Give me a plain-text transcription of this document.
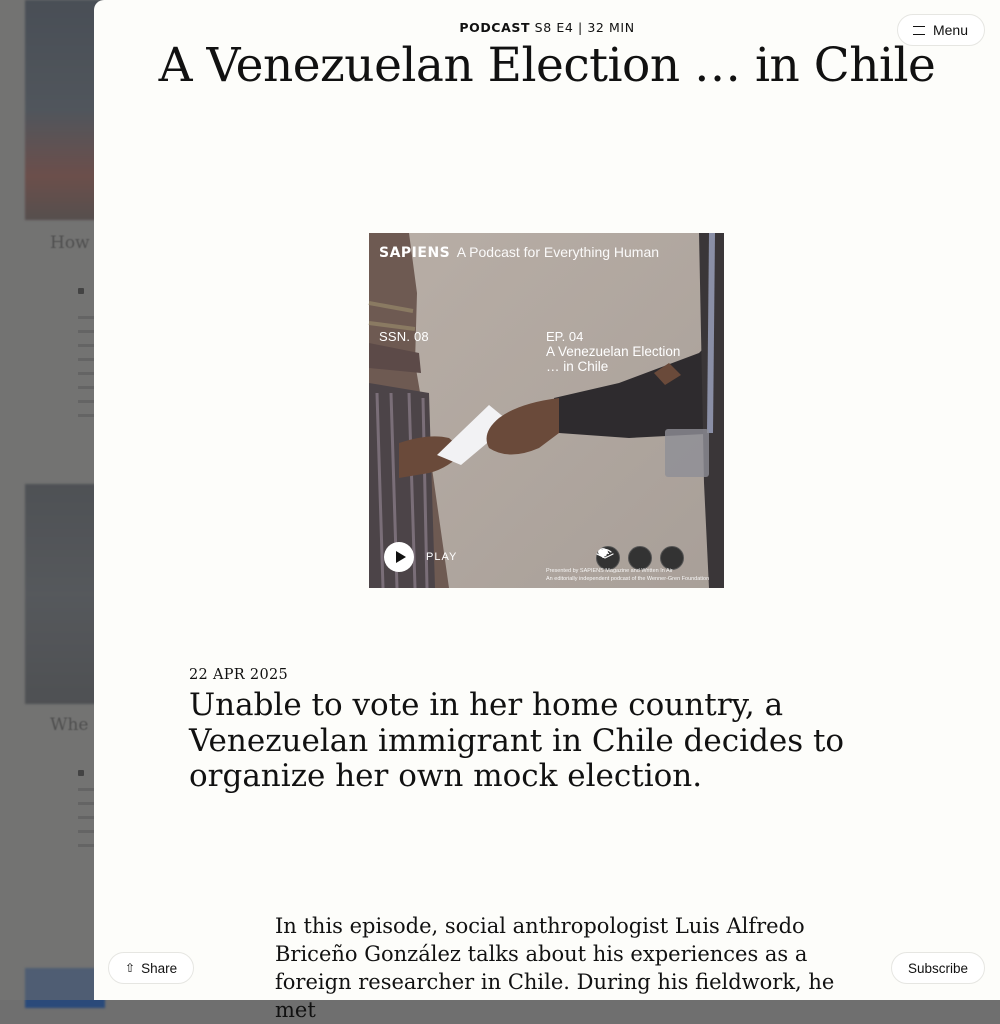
PODCAST S8 E4 | 32 MIN	Menu
A Venezuelan Election … in Chile
SAPIENS A Podcast for Everything Human
SSN. 08	EP. 04
A Venezuelan Election … in Chile
PLAY
Presented by SAPIENS Magazine and Written In Air
An editorially independent podcast of the Wenner-Gren Foundation
22 APR 2025
Unable to vote in her home country, a Venezuelan immigrant in Chile decides to organize her own mock election.

In this episode, social anthropologist Luis Alfredo Briceño González talks about his experiences as a foreign researcher in Chile. During his fieldwork, he met

⇧ Share	Subscribe
